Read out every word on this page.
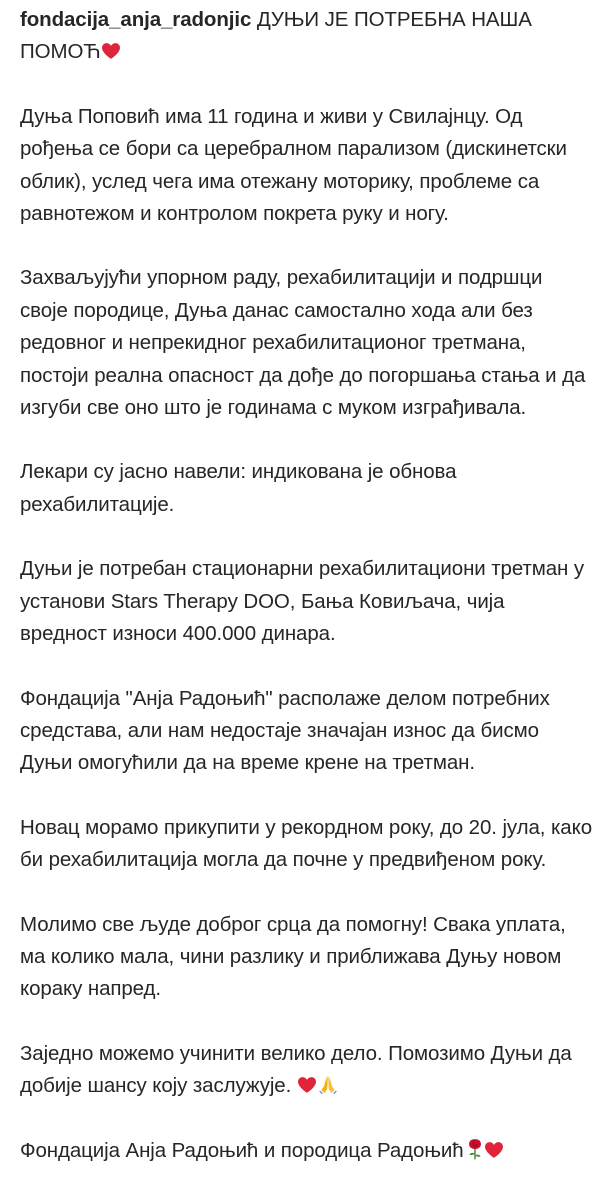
fondacija_anja_radonjic ДУЊИ ЈЕ ПОТРЕБНА НАША ПОМОЋ

Дуња Поповић има 11 година и живи у Свилајнцу. Од рођења се бори са церебралном парализом (дискинетски облик), услед чега има отежану моторику, проблеме са равнотежом и контролом покрета руку и ногу.

Захваљујући упорном раду, рехабилитацији и подршци своје породице, Дуња данас самостално хода али без редовног и непрекидног рехабилитационог третмана, постоји реална опасност да дође до погоршања стања и да изгуби све оно што је годинама с муком изграђивала.

Лекари су јасно навели: индикована је обнова рехабилитације.

Дуњи је потребан стационарни рехабилитациони третман у установи Stars Therapy DOO, Бања Ковиљача, чија вредност износи 400.000 динара.

Фондација "Анја Радоњић" располаже делом потребних средстава, али нам недостаје значајан износ да бисмо Дуњи омогућили да на време крене на третман.

Новац морамо прикупити у рекордном року, до 20. јула, како би рехабилитација могла да почне у предвиђеном року.

Молимо све људе доброг срца да помогну! Свака уплата, ма колико мала, чини разлику и приближава Дуњу новом кораку напред.

Заједно можемо учинити велико дело. Помозимо Дуњи да добије шансу коју заслужује.

Фондација Анја Радоњић и породица Радоњић
